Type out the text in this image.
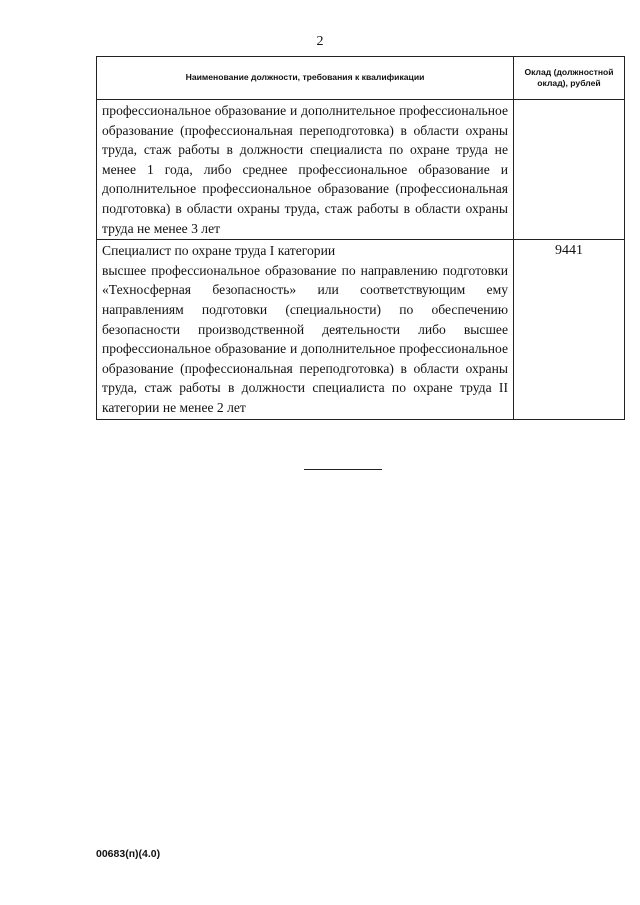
2
Наименование должности, требования к квалификации	Оклад (должностной оклад), рублей

профессиональное образование и дополнительное профессиональное образование (профессиональная переподготовка) в области охраны труда, стаж работы в должности специалиста по охране труда не менее 1 года, либо среднее профессиональное образование и дополнительное профессиональное образование (профессиональная подготовка) в области охраны труда, стаж работы в области охраны труда не менее 3 лет	

Специалист по охране труда I категории

высшее профессиональное образование по направлению подготовки «Техносферная безопасность» или соответствующим ему направлениям подготовки (специальности) по обеспечению безопасности производственной деятельности либо высшее профессиональное образование и дополнительное профессиональное образование (профессиональная переподготовка) в области охраны труда, стаж работы в должности специалиста по охране труда II категории не менее 2 лет	9441
00683(п)(4.0)
